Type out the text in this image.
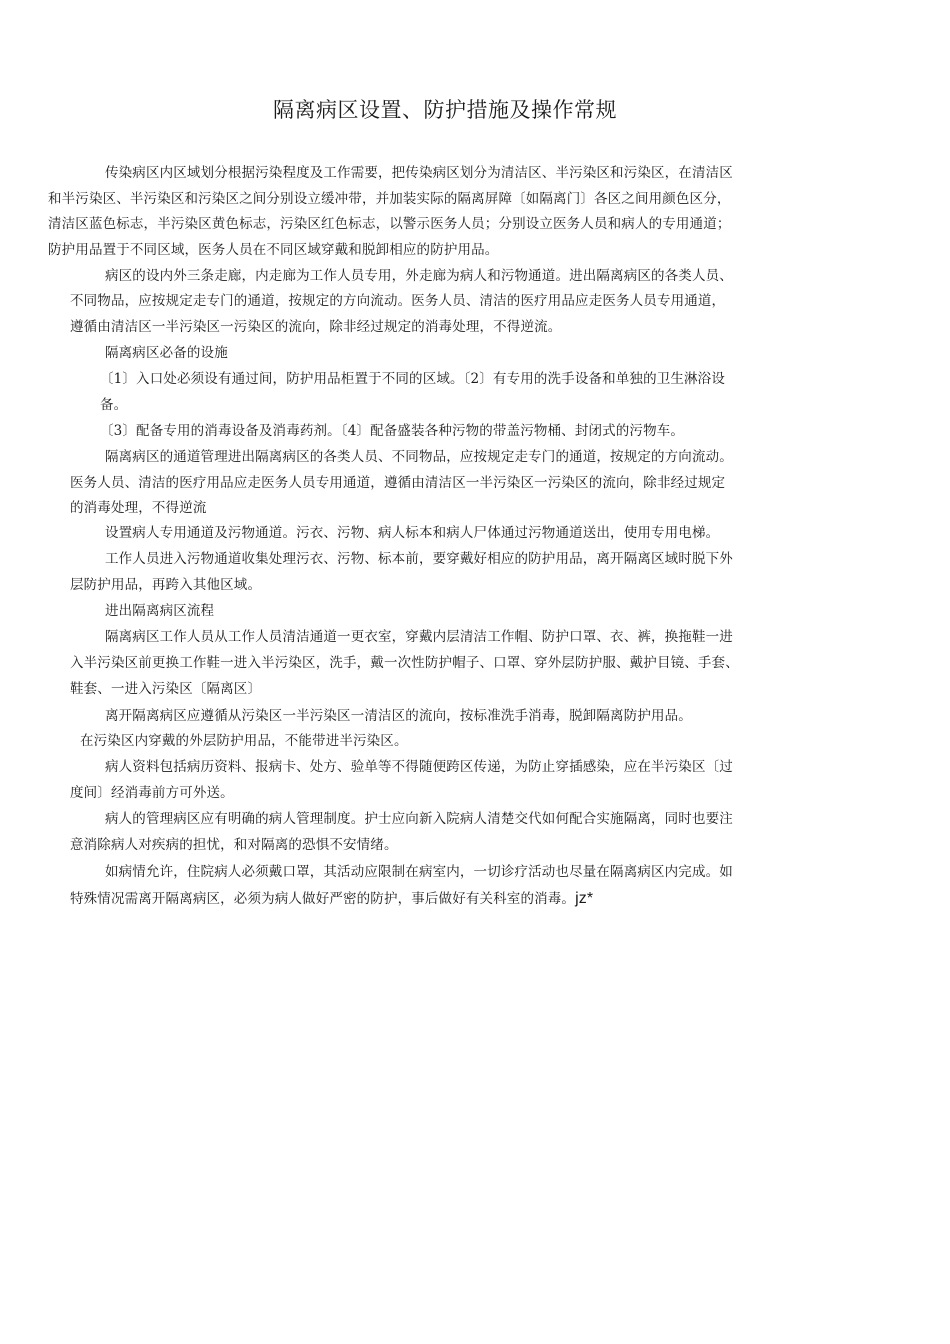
隔离病区设置、防护措施及操作常规

传染病区内区域划分根据污染程度及工作需要，把传染病区划分为清洁区、半污染区和污染区，在清洁区

和半污染区、半污染区和污染区之间分别设立缓冲带，并加装实际的隔离屏障〔如隔离门〕各区之间用颜色区分，

清洁区蓝色标志，半污染区黄色标志，污染区红色标志，以警示医务人员；分别设立医务人员和病人的专用通道；

防护用品置于不同区域，医务人员在不同区域穿戴和脱卸相应的防护用品。

病区的设内外三条走廊，内走廊为工作人员专用，外走廊为病人和污物通道。进出隔离病区的各类人员、

不同物品，应按规定走专门的通道，按规定的方向流动。医务人员、清洁的医疗用品应走医务人员专用通道，

遵循由清洁区一半污染区一污染区的流向，除非经过规定的消毒处理，不得逆流。

隔离病区必备的设施

〔1〕入口处必须设有通过间，防护用品柜置于不同的区域。〔2〕有专用的洗手设备和单独的卫生淋浴设

备。

〔3〕配备专用的消毒设备及消毒药剂。〔4〕配备盛装各种污物的带盖污物桶、封闭式的污物车。

隔离病区的通道管理进出隔离病区的各类人员、不同物品，应按规定走专门的通道，按规定的方向流动。

医务人员、清洁的医疗用品应走医务人员专用通道，遵循由清洁区一半污染区一污染区的流向，除非经过规定

的消毒处理，不得逆流

设置病人专用通道及污物通道。污衣、污物、病人标本和病人尸体通过污物通道送出，使用专用电梯。

工作人员进入污物通道收集处理污衣、污物、标本前，要穿戴好相应的防护用品，离开隔离区域时脱下外

层防护用品，再跨入其他区域。

进出隔离病区流程

隔离病区工作人员从工作人员清洁通道一更衣室，穿戴内层清洁工作帽、防护口罩、衣、裤，换拖鞋一进

入半污染区前更换工作鞋一进入半污染区，洗手，戴一次性防护帽子、口罩、穿外层防护服、戴护目镜、手套、

鞋套、一进入污染区〔隔离区〕

离开隔离病区应遵循从污染区一半污染区一清洁区的流向，按标准洗手消毒，脱卸隔离防护用品。

在污染区内穿戴的外层防护用品，不能带进半污染区。

病人资料包括病历资料、报病卡、处方、验单等不得随便跨区传递，为防止穿插感染，应在半污染区〔过

度间〕经消毒前方可外送。

病人的管理病区应有明确的病人管理制度。护士应向新入院病人清楚交代如何配合实施隔离，同时也要注

意消除病人对疾病的担忧，和对隔离的恐惧不安情绪。

如病情允许，住院病人必须戴口罩，其活动应限制在病室内，一切诊疗活动也尽量在隔离病区内完成。如

特殊情况需离开隔离病区，必须为病人做好严密的防护，事后做好有关科室的消毒。jz*
